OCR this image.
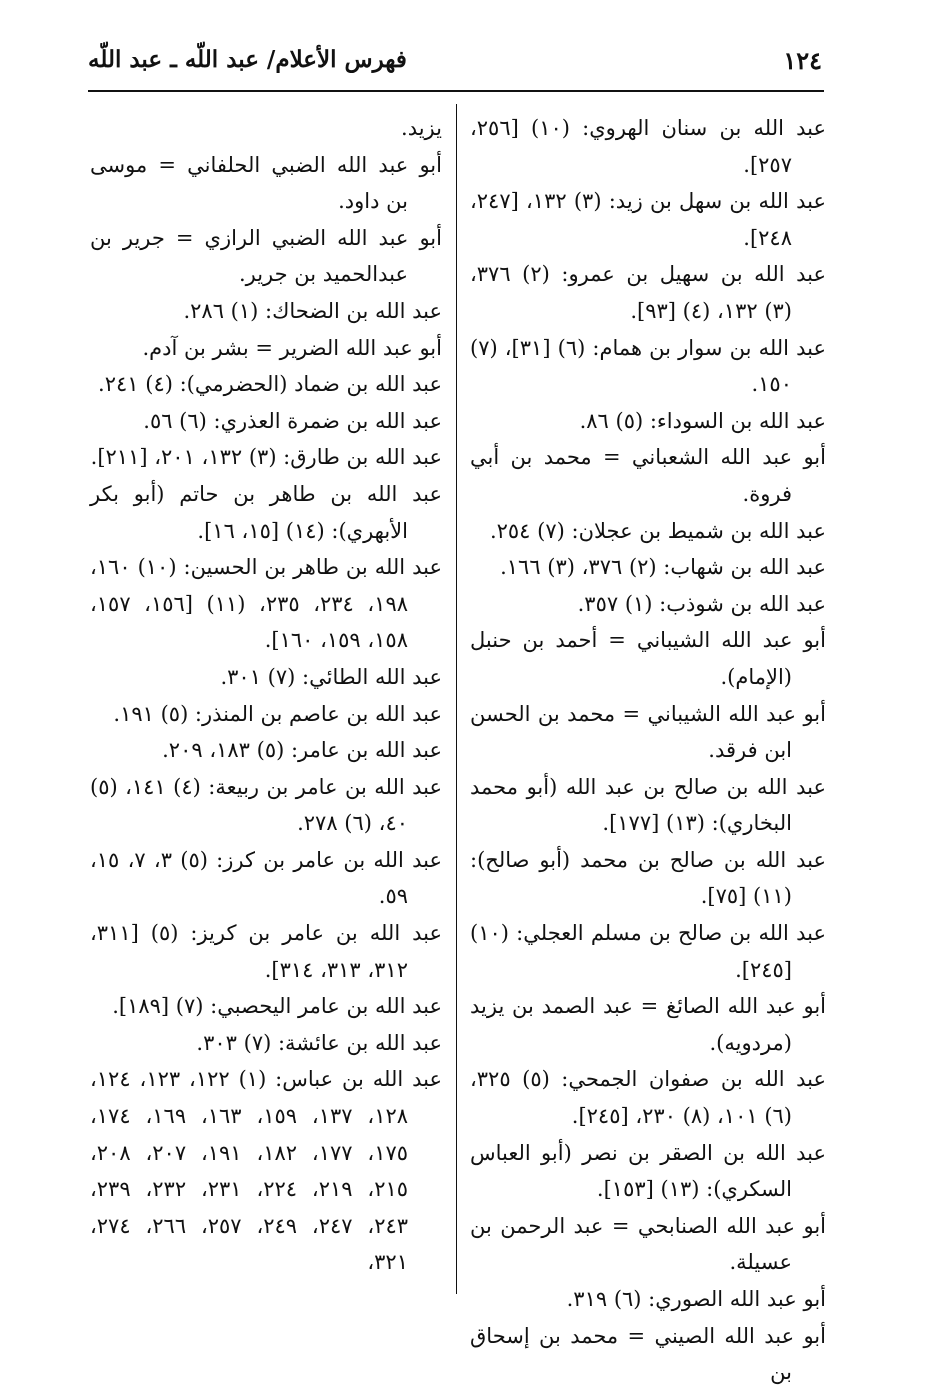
فهرس الأعلام/ عبد اللّه ـ عبد اللّه	١٢٤

عبد الله بن سنان الهروي: (١٠) [٢٥٦، ٢٥٧].

عبد الله بن سهل بن زيد: (٣) ١٣٢، [٢٤٧، ٢٤٨].

عبد الله بن سهيل بن عمرو: (٢) ٣٧٦، (٣) ١٣٢، (٤) [٩٣].

عبد الله بن سوار بن همام: (٦) [٣١]، (٧) ١٥٠.

عبد الله بن السوداء: (٥) ٨٦.

أبو عبد الله الشعباني = محمد بن أبي فروة.

عبد الله بن شميط بن عجلان: (٧) ٢٥٤.

عبد الله بن شهاب: (٢) ٣٧٦، (٣) ١٦٦.

عبد الله بن شوذب: (١) ٣٥٧.

أبو عبد الله الشيباني = أحمد بن حنبل (الإمام).

أبو عبد الله الشيباني = محمد بن الحسن ابن فرقد.

عبد الله بن صالح بن عبد الله (أبو محمد البخاري): (١٣) [١٧٧].

عبد الله بن صالح بن محمد (أبو صالح): (١١) [٧٥].

عبد الله بن صالح بن مسلم العجلي: (١٠) [٢٤٥].

أبو عبد الله الصائغ = عبد الصمد بن يزيد (مردويه).

عبد الله بن صفوان الجمحي: (٥) ٣٢٥، (٦) ١٠١، (٨) ٢٣٠، [٢٤٥].

عبد الله بن الصقر بن نصر (أبو العباس السكري): (١٣) [١٥٣].

أبو عبد الله الصنابحي = عبد الرحمن بن عسيلة.

أبو عبد الله الصوري: (٦) ٣١٩.

أبو عبد الله الصيني = محمد بن إسحاق بن

يزيد.

أبو عبد الله الضبي الحلفاني = موسى بن داود.

أبو عبد الله الضبي الرازي = جرير بن عبدالحميد بن جرير.

عبد الله بن الضحاك: (١) ٢٨٦.

أبو عبد الله الضرير = بشر بن آدم.

عبد الله بن ضماد (الحضرمي): (٤) ٢٤١.

عبد الله بن ضمرة العذري: (٦) ٥٦.

عبد الله بن طارق: (٣) ١٣٢، ٢٠١، [٢١١].

عبد الله بن طاهر بن حاتم (أبو بكر الأبهري): (١٤) [١٥، ١٦].

عبد الله بن طاهر بن الحسين: (١٠) ١٦٠، ١٩٨، ٢٣٤، ٢٣٥، (١١) [١٥٦، ١٥٧، ١٥٨، ١٥٩، ١٦٠].

عبد الله الطائي: (٧) ٣٠١.

عبد الله بن عاصم بن المنذر: (٥) ١٩١.

عبد الله بن عامر: (٥) ١٨٣، ٢٠٩.

عبد الله بن عامر بن ربيعة: (٤) ١٤١، (٥) ٤٠، (٦) ٢٧٨.

عبد الله بن عامر بن كرز: (٥) ٣، ٧، ١٥، ٥٩.

عبد الله بن عامر بن كريز: (٥) [٣١١، ٣١٢، ٣١٣، ٣١٤].

عبد الله بن عامر اليحصبي: (٧) [١٨٩].

عبد الله بن عائشة: (٧) ٣٠٣.

عبد الله بن عباس: (١) ١٢٢، ١٢٣، ١٢٤، ١٢٨، ١٣٧، ١٥٩، ١٦٣، ١٦٩، ١٧٤، ١٧٥، ١٧٧، ١٨٢، ١٩١، ٢٠٧، ٢٠٨، ٢١٥، ٢١٩، ٢٢٤، ٢٣١، ٢٣٢، ٢٣٩، ٢٤٣، ٢٤٧، ٢٤٩، ٢٥٧، ٢٦٦، ٢٧٤، ٣٢١،
